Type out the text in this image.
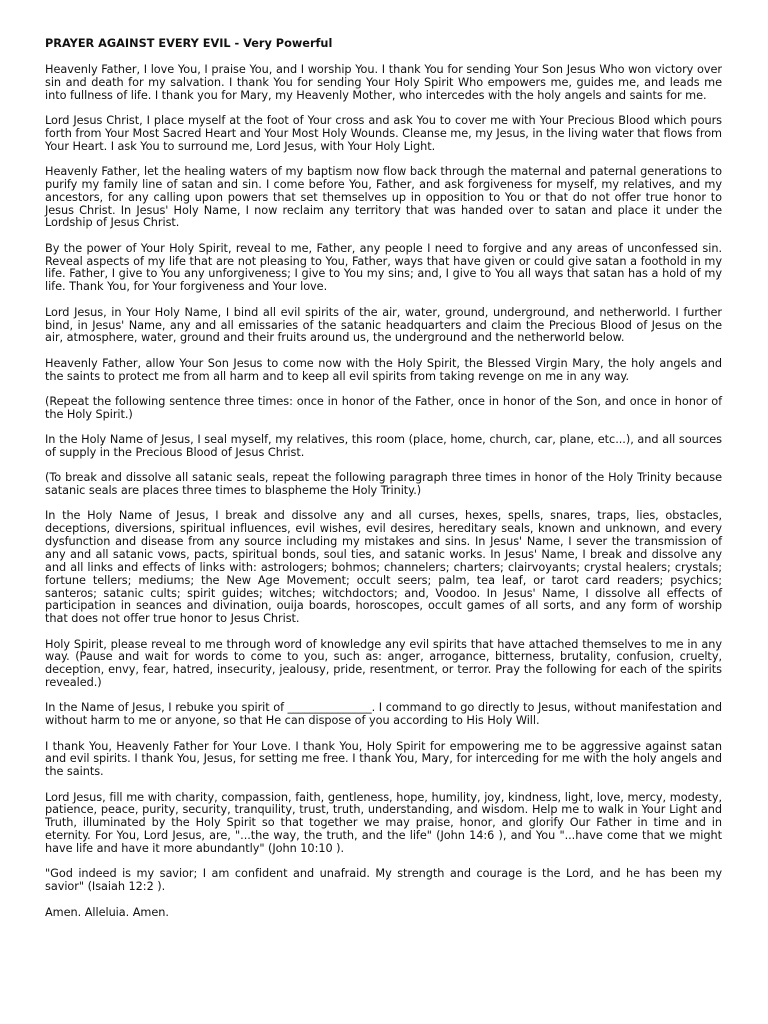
PRAYER AGAINST EVERY EVIL - Very Powerful
Heavenly Father, I love You, I praise You, and I worship You. I thank You for sending Your Son Jesus Who won victory over sin and death for my salvation. I thank You for sending Your Holy Spirit Who empowers me, guides me, and leads me into fullness of life. I thank you for Mary, my Heavenly Mother, who intercedes with the holy angels and saints for me.
Lord Jesus Christ, I place myself at the foot of Your cross and ask You to cover me with Your Precious Blood which pours forth from Your Most Sacred Heart and Your Most Holy Wounds. Cleanse me, my Jesus, in the living water that flows from Your Heart. I ask You to surround me, Lord Jesus, with Your Holy Light.
Heavenly Father, let the healing waters of my baptism now flow back through the maternal and paternal generations to purify my family line of satan and sin. I come before You, Father, and ask forgiveness for myself, my relatives, and my ancestors, for any calling upon powers that set themselves up in opposition to You or that do not offer true honor to Jesus Christ. In Jesus' Holy Name, I now reclaim any territory that was handed over to satan and place it under the Lordship of Jesus Christ.
By the power of Your Holy Spirit, reveal to me, Father, any people I need to forgive and any areas of unconfessed sin. Reveal aspects of my life that are not pleasing to You, Father, ways that have given or could give satan a foothold in my life. Father, I give to You any unforgiveness; I give to You my sins; and, I give to You all ways that satan has a hold of my life. Thank You, for Your forgiveness and Your love.
Lord Jesus, in Your Holy Name, I bind all evil spirits of the air, water, ground, underground, and netherworld. I further bind, in Jesus' Name, any and all emissaries of the satanic headquarters and claim the Precious Blood of Jesus on the air, atmosphere, water, ground and their fruits around us, the underground and the netherworld below.
Heavenly Father, allow Your Son Jesus to come now with the Holy Spirit, the Blessed Virgin Mary, the holy angels and the saints to protect me from all harm and to keep all evil spirits from taking revenge on me in any way.
(Repeat the following sentence three times: once in honor of the Father, once in honor of the Son, and once in honor of the Holy Spirit.)
In the Holy Name of Jesus, I seal myself, my relatives, this room (place, home, church, car, plane, etc...), and all sources of supply in the Precious Blood of Jesus Christ.
(To break and dissolve all satanic seals, repeat the following paragraph three times in honor of the Holy Trinity because satanic seals are places three times to blaspheme the Holy Trinity.)
In the Holy Name of Jesus, I break and dissolve any and all curses, hexes, spells, snares, traps, lies, obstacles, deceptions, diversions, spiritual influences, evil wishes, evil desires, hereditary seals, known and unknown, and every dysfunction and disease from any source including my mistakes and sins. In Jesus' Name, I sever the transmission of any and all satanic vows, pacts, spiritual bonds, soul ties, and satanic works. In Jesus' Name, I break and dissolve any and all links and effects of links with: astrologers; bohmos; channelers; charters; clairvoyants; crystal healers; crystals; fortune tellers; mediums; the New Age Movement; occult seers; palm, tea leaf, or tarot card readers; psychics; santeros; satanic cults; spirit guides; witches; witchdoctors; and, Voodoo. In Jesus' Name, I dissolve all effects of participation in seances and divination, ouija boards, horoscopes, occult games of all sorts, and any form of worship that does not offer true honor to Jesus Christ.
Holy Spirit, please reveal to me through word of knowledge any evil spirits that have attached themselves to me in any way. (Pause and wait for words to come to you, such as: anger, arrogance, bitterness, brutality, confusion, cruelty, deception, envy, fear, hatred, insecurity, jealousy, pride, resentment, or terror. Pray the following for each of the spirits revealed.)
In the Name of Jesus, I rebuke you spirit of _______________. I command to go directly to Jesus, without manifestation and without harm to me or anyone, so that He can dispose of you according to His Holy Will.
I thank You, Heavenly Father for Your Love. I thank You, Holy Spirit for empowering me to be aggressive against satan and evil spirits. I thank You, Jesus, for setting me free. I thank You, Mary, for interceding for me with the holy angels and the saints.
Lord Jesus, fill me with charity, compassion, faith, gentleness, hope, humility, joy, kindness, light, love, mercy, modesty, patience, peace, purity, security, tranquility, trust, truth, understanding, and wisdom. Help me to walk in Your Light and Truth, illuminated by the Holy Spirit so that together we may praise, honor, and glorify Our Father in time and in eternity. For You, Lord Jesus, are, "...the way, the truth, and the life" (John 14:6 ), and You "...have come that we might have life and have it more abundantly" (John 10:10 ).
"God indeed is my savior; I am confident and unafraid. My strength and courage is the Lord, and he has been my savior" (Isaiah 12:2 ).
Amen. Alleluia. Amen.
